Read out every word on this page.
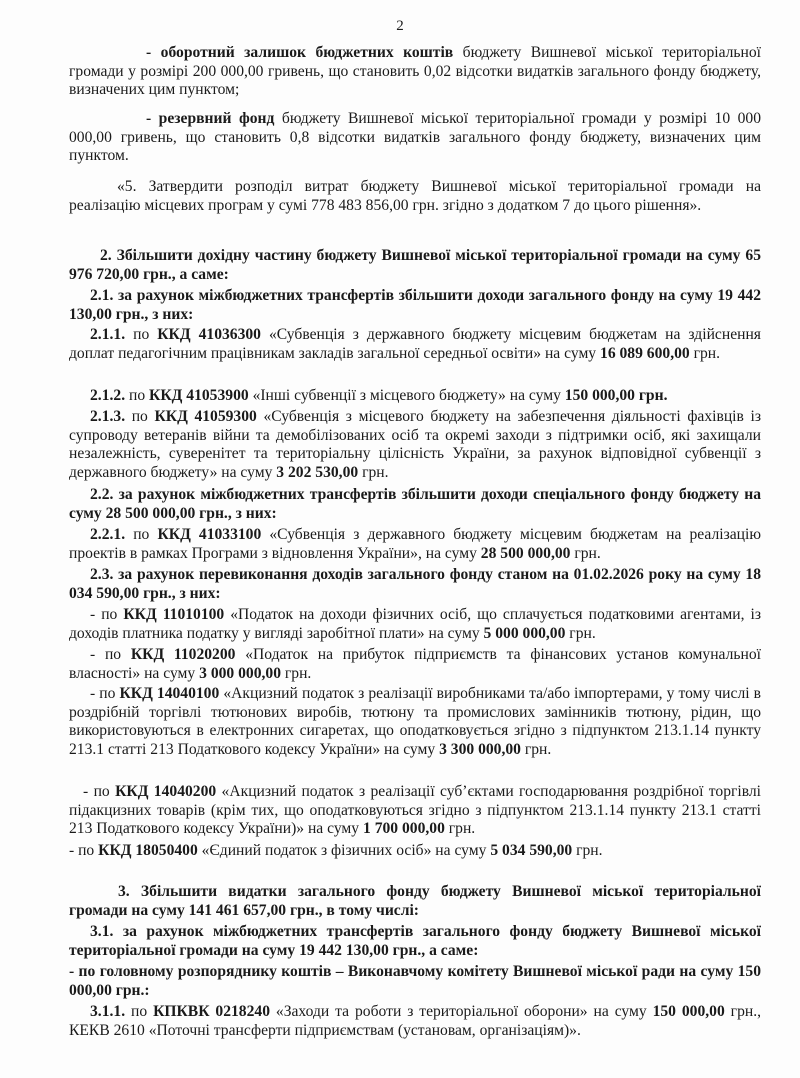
2
- оборотний залишок бюджетних коштів бюджету Вишневої міської територіальної громади у розмірі 200 000,00 гривень, що становить 0,02 відсотки видатків загального фонду бюджету, визначених цим пунктом;
- резервний фонд бюджету Вишневої міської територіальної громади у розмірі 10 000 000,00 гривень, що становить 0,8 відсотки видатків загального фонду бюджету, визначених цим пунктом.
«5. Затвердити розподіл витрат бюджету Вишневої міської територіальної громади на реалізацію місцевих програм у сумі 778 483 856,00 грн. згідно з додатком 7 до цього рішення».
2. Збільшити дохідну частину бюджету Вишневої міської територіальної громади на суму 65 976 720,00 грн., а саме:
2.1. за рахунок міжбюджетних трансфертів збільшити доходи загального фонду на суму 19 442 130,00 грн., з них:
2.1.1. по ККД 41036300 «Субвенція з державного бюджету місцевим бюджетам на здійснення доплат педагогічним працівникам закладів загальної середньої освіти» на суму 16 089 600,00 грн.
2.1.2. по ККД 41053900 «Інші субвенції з місцевого бюджету» на суму 150 000,00 грн.
2.1.3. по ККД 41059300 «Субвенція з місцевого бюджету на забезпечення діяльності фахівців із супроводу ветеранів війни та демобілізованих осіб та окремі заходи з підтримки осіб, які захищали незалежність, суверенітет та територіальну цілісність України, за рахунок відповідної субвенції з державного бюджету» на суму 3 202 530,00 грн.
2.2. за рахунок міжбюджетних трансфертів збільшити доходи спеціального фонду бюджету на суму 28 500 000,00 грн., з них:
2.2.1. по ККД 41033100 «Субвенція з державного бюджету місцевим бюджетам на реалізацію проектів в рамках Програми з відновлення України», на суму 28 500 000,00 грн.
2.3. за рахунок перевиконання доходів загального фонду станом на 01.02.2026 року на суму 18 034 590,00 грн., з них:
- по ККД 11010100 «Податок на доходи фізичних осіб, що сплачується податковими агентами, із доходів платника податку у вигляді заробітної плати» на суму 5 000 000,00 грн.
- по ККД 11020200 «Податок на прибуток підприємств та фінансових установ комунальної власності» на суму 3 000 000,00 грн.
- по ККД 14040100 «Акцизний податок з реалізації виробниками та/або імпортерами, у тому числі в роздрібній торгівлі тютюнових виробів, тютюну та промислових замінників тютюну, рідин, що використовуються в електронних сигаретах, що оподатковується згідно з підпунктом 213.1.14 пункту 213.1 статті 213 Податкового кодексу України» на суму 3 300 000,00 грн.
- по ККД 14040200 «Акцизний податок з реалізації суб’єктами господарювання роздрібної торгівлі підакцизних товарів (крім тих, що оподатковуються згідно з підпунктом 213.1.14 пункту 213.1 статті 213 Податкового кодексу України)» на суму 1 700 000,00 грн.
- по ККД 18050400 «Єдиний податок з фізичних осіб» на суму 5 034 590,00 грн.
3. Збільшити видатки загального фонду бюджету Вишневої міської територіальної громади на суму 141 461 657,00 грн., в тому числі:
3.1. за рахунок міжбюджетних трансфертів загального фонду бюджету Вишневої міської територіальної громади на суму 19 442 130,00 грн., а саме:
- по головному розпоряднику коштів – Виконавчому комітету Вишневої міської ради на суму 150 000,00 грн.:
3.1.1. по КПКВК 0218240 «Заходи та роботи з територіальної оборони» на суму 150 000,00 грн., КЕКВ 2610 «Поточні трансферти підприємствам (установам, організаціям)».
